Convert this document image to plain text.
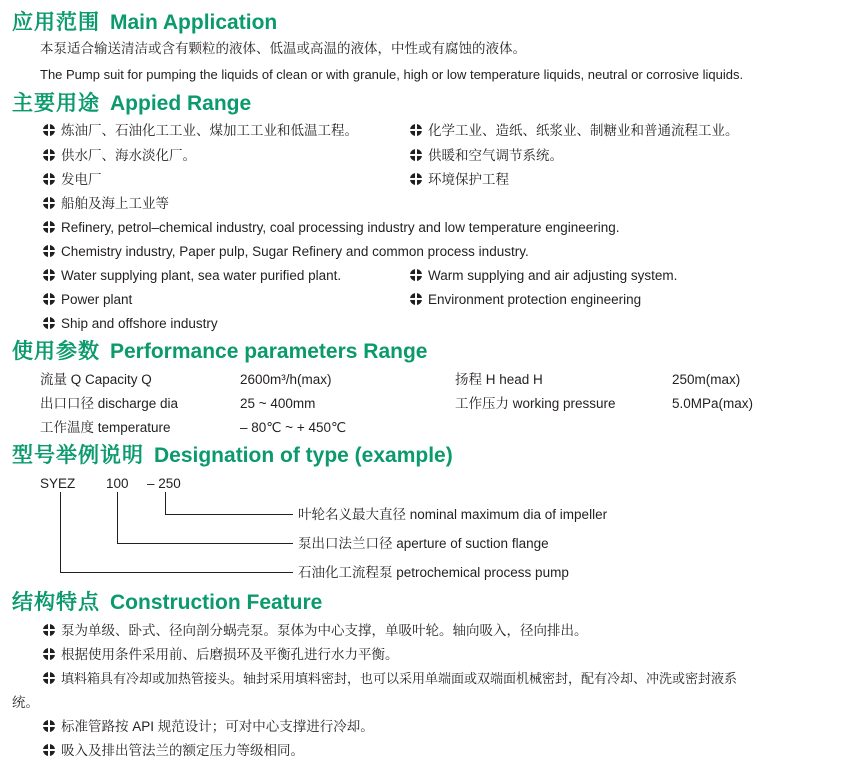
应用范围 Main Application
本泵适合输送清洁或含有颗粒的液体、低温或高温的液体，中性或有腐蚀的液体。
The Pump suit for pumping the liquids of clean or with granule, high or low temperature liquids, neutral or corrosive liquids.
主要用途 Appied Range
炼油厂、石油化工工业、煤加工工业和低温工程。	化学工业、造纸、纸浆业、制糖业和普通流程工业。
供水厂、海水淡化厂。	供暖和空气调节系统。
发电厂	环境保护工程
船舶及海上工业等
Refinery, petrol–chemical industry, coal processing industry and low temperature engineering.
Chemistry industry, Paper pulp, Sugar Refinery and common process industry.
Water supplying plant, sea water purified plant.	Warm supplying and air adjusting system.
Power plant	Environment protection engineering
Ship and offshore industry
使用参数 Performance parameters Range
流量 Q Capacity Q	2600m³/h(max)	扬程 H head H	250m(max)
出口口径 discharge dia	25 ~ 400mm	工作压力 working pressure	5.0MPa(max)
工作温度 temperature	– 80℃ ~ + 450℃
型号举例说明 Designation of type (example)
SYEZ 100 – 250
叶轮名义最大直径 nominal maximum dia of impeller
泵出口法兰口径 aperture of suction flange
石油化工流程泵 petrochemical process pump
结构特点 Construction Feature
泵为单级、卧式、径向剖分蜗壳泵。泵体为中心支撑，单吸叶轮。轴向吸入，径向排出。
根据使用条件采用前、后磨损环及平衡孔进行水力平衡。
填料箱具有冷却或加热管接头。轴封采用填料密封，也可以采用单端面或双端面机械密封，配有冷却、冲洗或密封液系
统。
标准管路按 API 规范设计；可对中心支撑进行冷却。
吸入及排出管法兰的额定压力等级相同。
